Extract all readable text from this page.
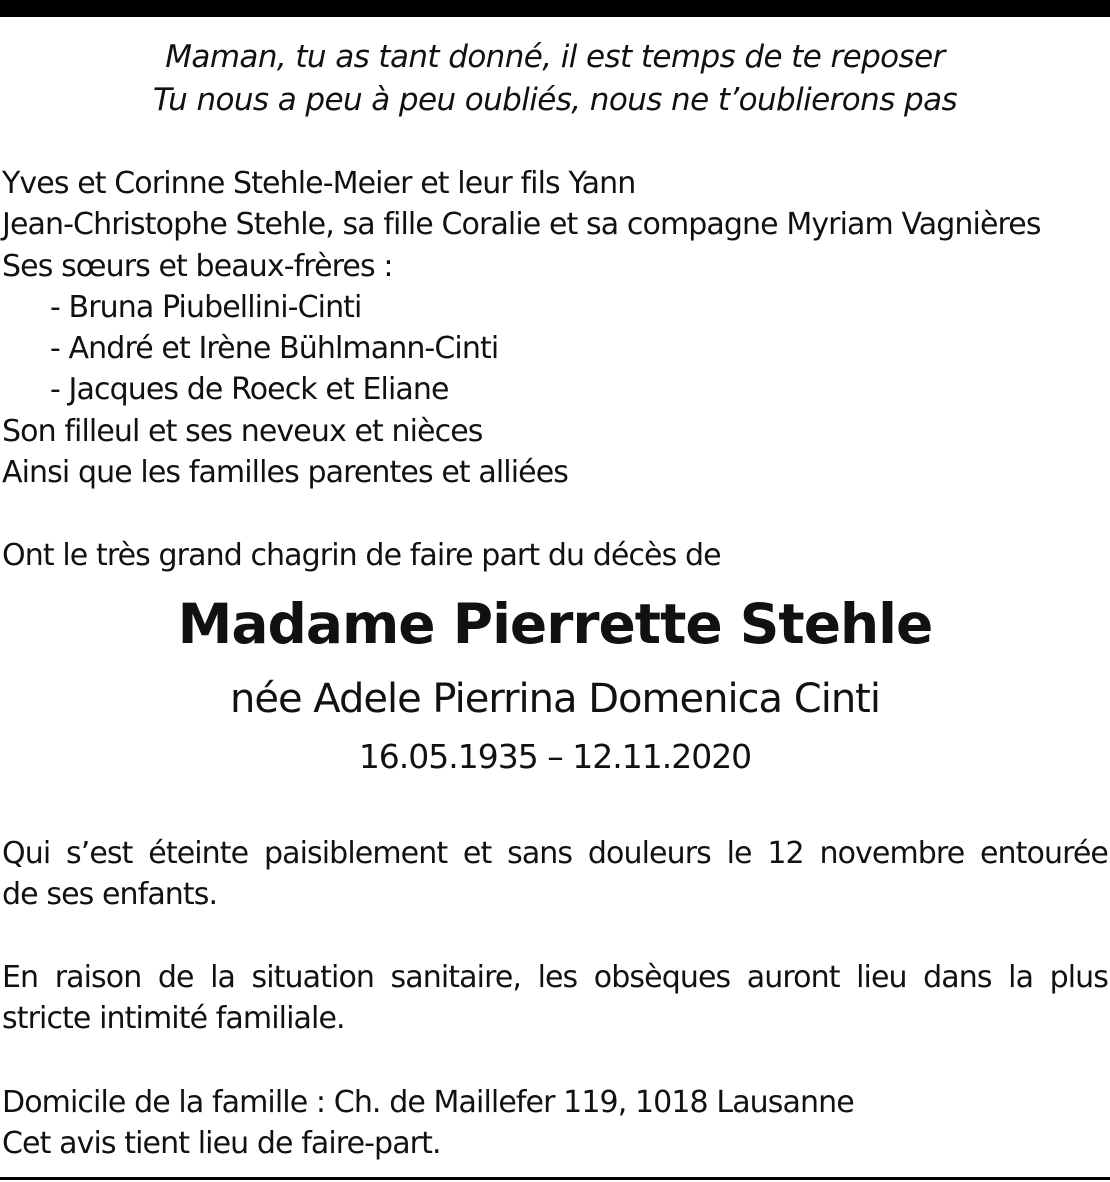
Maman, tu as tant donné, il est temps de te reposer
Tu nous a peu à peu oubliés, nous ne t’oublierons pas
Yves et Corinne Stehle-Meier et leur fils Yann
Jean-Christophe Stehle, sa fille Coralie et sa compagne Myriam Vagnières
Ses sœurs et beaux-frères :
- Bruna Piubellini-Cinti
- André et Irène Bühlmann-Cinti
- Jacques de Roeck et Eliane
Son filleul et ses neveux et nièces
Ainsi que les familles parentes et alliées
Ont le très grand chagrin de faire part du décès de
Madame Pierrette Stehle
née Adele Pierrina Domenica Cinti
16.05.1935 – 12.11.2020
Qui s’est éteinte paisiblement et sans douleurs le 12 novembre entourée
de ses enfants.
En raison de la situation sanitaire, les obsèques auront lieu dans la plus
stricte intimité familiale.
Domicile de la famille : Ch. de Maillefer 119, 1018 Lausanne
Cet avis tient lieu de faire-part.
